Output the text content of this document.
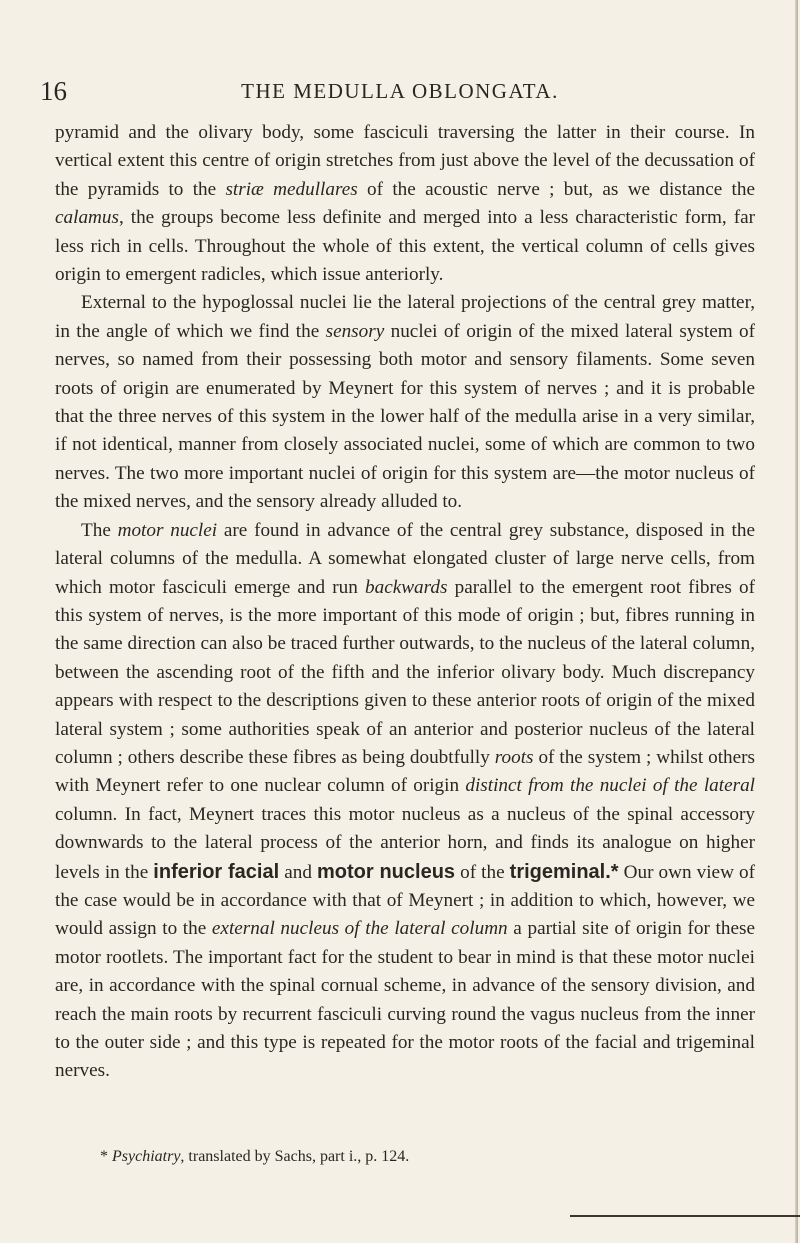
16	THE MEDULLA OBLONGATA.

pyramid and the olivary body, some fasciculi traversing the latter in their course. In vertical extent this centre of origin stretches from just above the level of the decussation of the pyramids to the striæ medullares of the acoustic nerve ; but, as we distance the calamus, the groups become less definite and merged into a less characteristic form, far less rich in cells. Throughout the whole of this extent, the vertical column of cells gives origin to emergent radicles, which issue anteriorly.

External to the hypoglossal nuclei lie the lateral projections of the central grey matter, in the angle of which we find the sensory nuclei of origin of the mixed lateral system of nerves, so named from their possessing both motor and sensory filaments. Some seven roots of origin are enumerated by Meynert for this system of nerves ; and it is probable that the three nerves of this system in the lower half of the medulla arise in a very similar, if not identical, manner from closely associated nuclei, some of which are common to two nerves. The two more important nuclei of origin for this system are—the motor nucleus of the mixed nerves, and the sensory already alluded to.

The motor nuclei are found in advance of the central grey substance, disposed in the lateral columns of the medulla. A somewhat elongated cluster of large nerve cells, from which motor fasciculi emerge and run backwards parallel to the emergent root fibres of this system of nerves, is the more important of this mode of origin ; but, fibres running in the same direction can also be traced further outwards, to the nucleus of the lateral column, between the ascending root of the fifth and the inferior olivary body. Much discrepancy appears with respect to the descriptions given to these anterior roots of origin of the mixed lateral system ; some authorities speak of an anterior and posterior nucleus of the lateral column ; others describe these fibres as being doubtfully roots of the system ; whilst others with Meynert refer to one nuclear column of origin distinct from the nuclei of the lateral column. In fact, Meynert traces this motor nucleus as a nucleus of the spinal accessory downwards to the lateral process of the anterior horn, and finds its analogue on higher levels in the inferior facial and motor nucleus of the trigeminal.* Our own view of the case would be in accordance with that of Meynert ; in addition to which, however, we would assign to the external nucleus of the lateral column a partial site of origin for these motor rootlets. The important fact for the student to bear in mind is that these motor nuclei are, in accordance with the spinal cornual scheme, in advance of the sensory division, and reach the main roots by recurrent fasciculi curving round the vagus nucleus from the inner to the outer side ; and this type is repeated for the motor roots of the facial and trigeminal nerves.

* Psychiatry, translated by Sachs, part i., p. 124.
